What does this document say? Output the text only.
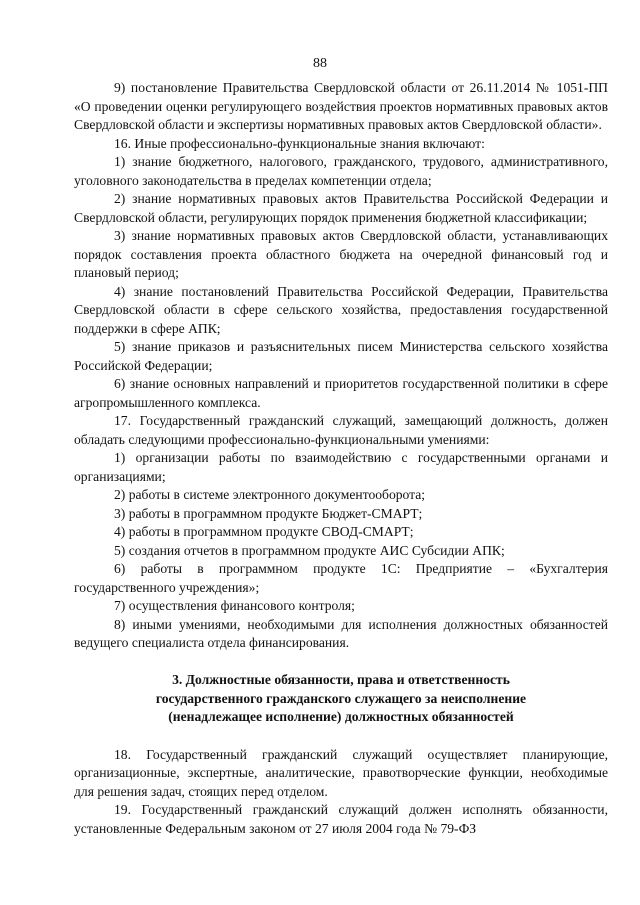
88

9) постановление Правительства Свердловской области от 26.11.2014 № 1051-ПП «О проведении оценки регулирующего воздействия проектов нормативных правовых актов Свердловской области и экспертизы нормативных правовых актов Свердловской области».

16. Иные профессионально-функциональные знания включают:

1) знание бюджетного, налогового, гражданского, трудового, административного, уголовного законодательства в пределах компетенции отдела;

2) знание нормативных правовых актов Правительства Российской Федерации и Свердловской области, регулирующих порядок применения бюджетной классификации;

3) знание нормативных правовых актов Свердловской области, устанавливающих порядок составления проекта областного бюджета на очередной финансовый год и плановый период;

4) знание постановлений Правительства Российской Федерации, Правительства Свердловской области в сфере сельского хозяйства, предоставления государственной поддержки в сфере АПК;

5) знание приказов и разъяснительных писем Министерства сельского хозяйства Российской Федерации;

6) знание основных направлений и приоритетов государственной политики в сфере агропромышленного комплекса.

17. Государственный гражданский служащий, замещающий должность, должен обладать следующими профессионально-функциональными умениями:

1) организации работы по взаимодействию с государственными органами и организациями;

2) работы в системе электронного документооборота;

3) работы в программном продукте Бюджет-СМАРТ;

4) работы в программном продукте СВОД-СМАРТ;

5) создания отчетов в программном продукте АИС Субсидии АПК;

6) работы в программном продукте 1С: Предприятие – «Бухгалтерия государственного учреждения»;

7) осуществления финансового контроля;

8) иными умениями, необходимыми для исполнения должностных обязанностей ведущего специалиста отдела финансирования.

3. Должностные обязанности, права и ответственность
государственного гражданского служащего за неисполнение
(ненадлежащее исполнение) должностных обязанностей

18. Государственный гражданский служащий осуществляет планирующие, организационные, экспертные, аналитические, правотворческие функции, необходимые для решения задач, стоящих перед отделом.

19. Государственный гражданский служащий должен исполнять обязанности, установленные Федеральным законом от 27 июля 2004 года № 79-ФЗ
